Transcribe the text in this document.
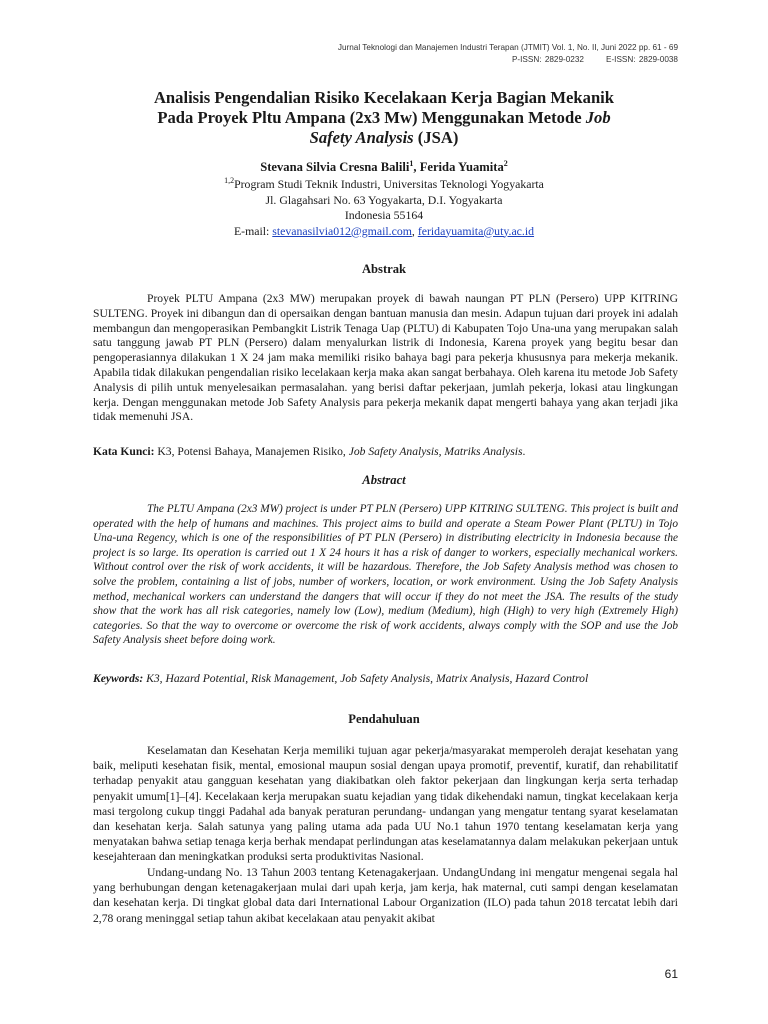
Jurnal Teknologi dan Manajemen Industri Terapan (JTMIT) Vol. 1, No. II, Juni 2022 pp. 61 - 69
P-ISSN: 2829-0232	E-ISSN: 2829-0038
Analisis Pengendalian Risiko Kecelakaan Kerja Bagian Mekanik
Pada Proyek Pltu Ampana (2x3 Mw) Menggunakan Metode Job
Safety Analysis (JSA)
Stevana Silvia Cresna Balili$^1$, Ferida Yuamita$^2$
$^{1,2}$Program Studi Teknik Industri, Universitas Teknologi Yogyakarta
Jl. Glagahsari No. 63 Yogyakarta, D.I. Yogyakarta
Indonesia 55164
E-mail: stevanasilvia012@gmail.com, feridayuamita@uty.ac.id
Abstrak
Proyek PLTU Ampana (2x3 MW) merupakan proyek di bawah naungan PT PLN (Persero) UPP KITRING SULTENG. Proyek ini dibangun dan di opersaikan dengan bantuan manusia dan mesin. Adapun tujuan dari proyek ini adalah membangun dan mengoperasikan Pembangkit Listrik Tenaga Uap (PLTU) di Kabupaten Tojo Una-una yang merupakan salah satu tanggung jawab PT PLN (Persero) dalam menyalurkan listrik di Indonesia, Karena proyek yang begitu besar dan pengoperasiannya dilakukan 1 X 24 jam maka memiliki risiko bahaya bagi para pekerja khususnya para mekerja mekanik. Apabila tidak dilakukan pengendalian risiko lecelakaan kerja maka akan sangat berbahaya. Oleh karena itu metode Job Safety Analysis di pilih untuk menyelesaikan permasalahan. yang berisi daftar pekerjaan, jumlah pekerja, lokasi atau lingkungan kerja. Dengan menggunakan metode Job Safety Analysis para pekerja mekanik dapat mengerti bahaya yang akan terjadi jika tidak memenuhi JSA.
Kata Kunci: K3, Potensi Bahaya, Manajemen Risiko, Job Safety Analysis, Matriks Analysis.
Abstract
The PLTU Ampana (2x3 MW) project is under PT PLN (Persero) UPP KITRING SULTENG. This project is built and operated with the help of humans and machines. This project aims to build and operate a Steam Power Plant (PLTU) in Tojo Una-una Regency, which is one of the responsibilities of PT PLN (Persero) in distributing electricity in Indonesia because the project is so large. Its operation is carried out 1 X 24 hours it has a risk of danger to workers, especially mechanical workers. Without control over the risk of work accidents, it will be hazardous. Therefore, the Job Safety Analysis method was chosen to solve the problem, containing a list of jobs, number of workers, location, or work environment. Using the Job Safety Analysis method, mechanical workers can understand the dangers that will occur if they do not meet the JSA. The results of the study show that the work has all risk categories, namely low (Low), medium (Medium), high (High) to very high (Extremely High) categories. So that the way to overcome or overcome the risk of work accidents, always comply with the SOP and use the Job Safety Analysis sheet before doing work.
Keywords: K3, Hazard Potential, Risk Management, Job Safety Analysis, Matrix Analysis, Hazard Control
Pendahuluan
Keselamatan dan Kesehatan Kerja memiliki tujuan agar pekerja/masyarakat memperoleh derajat kesehatan yang baik, meliputi kesehatan fisik, mental, emosional maupun sosial dengan upaya promotif, preventif, kuratif, dan rehabilitatif terhadap penyakit atau gangguan kesehatan yang diakibatkan oleh faktor pekerjaan dan lingkungan kerja serta terhadap penyakit umum[1]–[4]. Kecelakaan kerja merupakan suatu kejadian yang tidak dikehendaki namun, tingkat kecelakaan kerja masi tergolong cukup tinggi Padahal ada banyak peraturan perundang- undangan yang mengatur tentang syarat keselamatan dan kesehatan kerja. Salah satunya yang paling utama ada pada UU No.1 tahun 1970 tentang keselamatan kerja yang menyatakan bahwa setiap tenaga kerja berhak mendapat perlindungan atas keselamatannya dalam melakukan pekerjaan untuk kesejahteraan dan meningkatkan produksi serta produktivitas Nasional.
Undang-undang No. 13 Tahun 2003 tentang Ketenagakerjaan. UndangUndang ini mengatur mengenai segala hal yang berhubungan dengan ketenagakerjaan mulai dari upah kerja, jam kerja, hak maternal, cuti sampi dengan keselamatan dan kesehatan kerja. Di tingkat global data dari International Labour Organization (ILO) pada tahun 2018 tercatat lebih dari 2,78 orang meninggal setiap tahun akibat kecelakaan atau penyakit akibat
61
